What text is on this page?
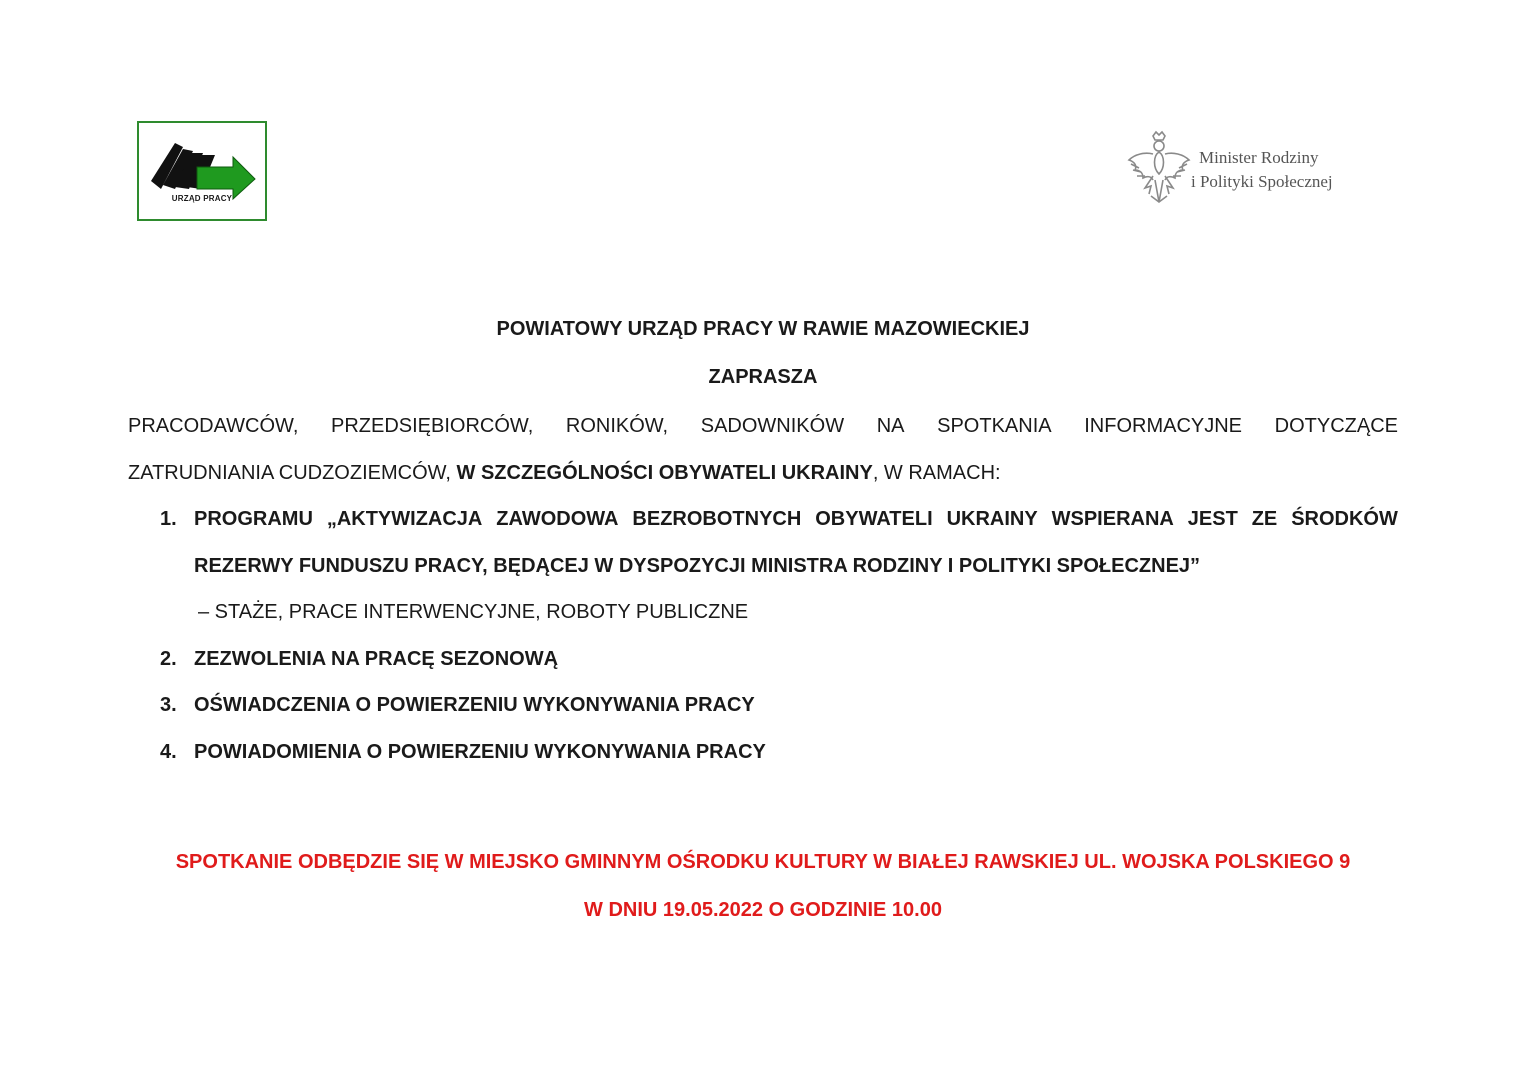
URZĄD PRACY
Minister Rodziny
i Polityki Społecznej
POWIATOWY URZĄD PRACY W RAWIE MAZOWIECKIEJ
ZAPRASZA
PRACODAWCÓW, PRZEDSIĘBIORCÓW, RONIKÓW, SADOWNIKÓW NA SPOTKANIA INFORMACYJNE DOTYCZĄCE
ZATRUDNIANIA CUDZOZIEMCÓW, W SZCZEGÓLNOŚCI OBYWATELI UKRAINY, W RAMACH:
1. PROGRAMU „AKTYWIZACJA ZAWODOWA BEZROBOTNYCH OBYWATELI UKRAINY WSPIERANA JEST ZE ŚRODKÓW
REZERWY FUNDUSZU PRACY, BĘDĄCEJ W DYSPOZYCJI MINISTRA RODZINY I POLITYKI SPOŁECZNEJ”
– STAŻE, PRACE INTERWENCYJNE, ROBOTY PUBLICZNE
2. ZEZWOLENIA NA PRACĘ SEZONOWĄ
3. OŚWIADCZENIA O POWIERZENIU WYKONYWANIA PRACY
4. POWIADOMIENIA O POWIERZENIU WYKONYWANIA PRACY
SPOTKANIE ODBĘDZIE SIĘ W MIEJSKO GMINNYM OŚRODKU KULTURY W BIAŁEJ RAWSKIEJ UL. WOJSKA POLSKIEGO 9
W DNIU 19.05.2022 O GODZINIE 10.00
